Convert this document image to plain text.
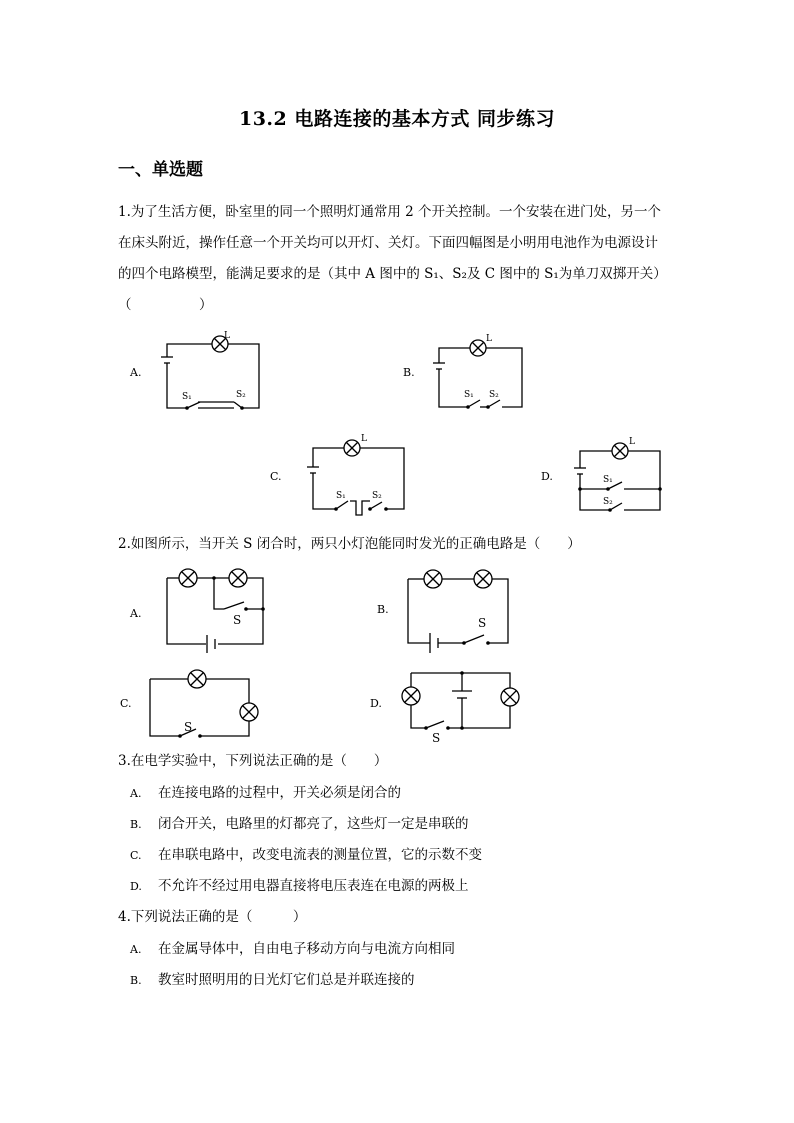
13.2 电路连接的基本方式 同步练习
一、单选题
1.为了生活方便，卧室里的同一个照明灯通常用 2 个开关控制。一个安装在进门处，另一个
在床头附近，操作任意一个开关均可以开灯、关灯。下面四幅图是小明用电池作为电源设计
的四个电路模型，能满足要求的是（其中 A 图中的 S₁、S₂及 C 图中的 S₁为单刀双掷开关）
（　　　　　）
A.	B.
C.	D.
L
S₁	S₂
L
S₁ S₂
L
S₁	S₂
L
S₁
S₂
2.如图所示，当开关 S 闭合时，两只小灯泡能同时发光的正确电路是（　　）
A.	B.
C.	D.
S	S
S
S
3.在电学实验中，下列说法正确的是（　　）
A. 在连接电路的过程中，开关必须是闭合的
B. 闭合开关，电路里的灯都亮了，这些灯一定是串联的
C. 在串联电路中，改变电流表的测量位置，它的示数不变
D. 不允许不经过用电器直接将电压表连在电源的两极上
4.下列说法正确的是（　　　）
A. 在金属导体中，自由电子移动方向与电流方向相同
B. 教室时照明用的日光灯它们总是并联连接的
